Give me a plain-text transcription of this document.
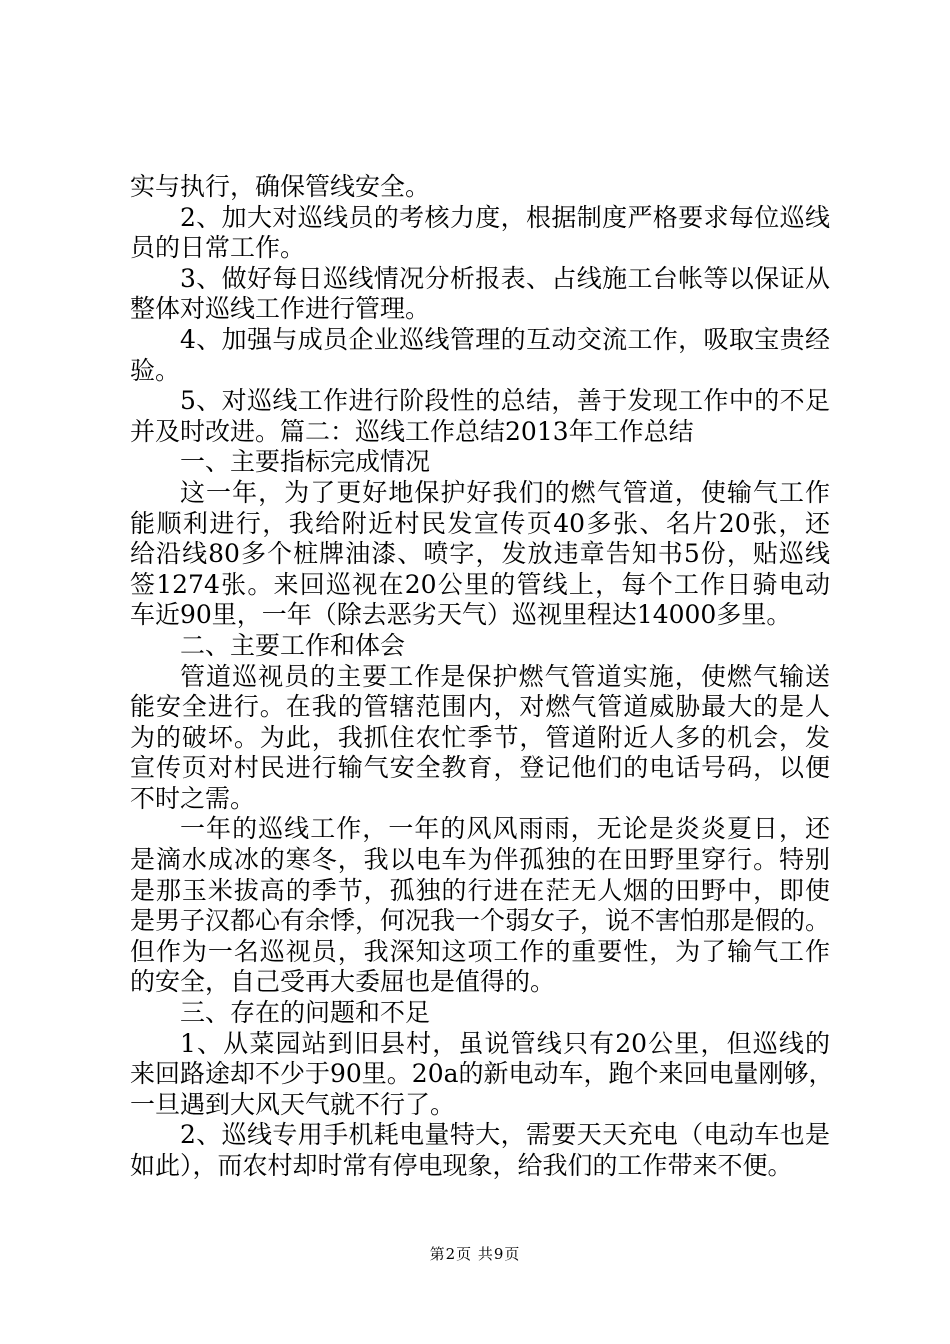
实与执行，确保管线安全。
2、加大对巡线员的考核力度，根据制度严格要求每位巡线
员的日常工作。
3、做好每日巡线情况分析报表、占线施工台帐等以保证从
整体对巡线工作进行管理。
4、加强与成员企业巡线管理的互动交流工作，吸取宝贵经
验。
5、对巡线工作进行阶段性的总结，善于发现工作中的不足
并及时改进。篇二：巡线工作总结2013年工作总结
一、主要指标完成情况
这一年，为了更好地保护好我们的燃气管道，使输气工作
能顺利进行，我给附近村民发宣传页40多张、名片20张，还
给沿线80多个桩牌油漆、喷字，发放违章告知书5份，贴巡线
签1274张。来回巡视在20公里的管线上，每个工作日骑电动
车近90里，一年（除去恶劣天气）巡视里程达14000多里。
二、主要工作和体会
管道巡视员的主要工作是保护燃气管道实施，使燃气输送
能安全进行。在我的管辖范围内，对燃气管道威胁最大的是人
为的破坏。为此，我抓住农忙季节，管道附近人多的机会，发
宣传页对村民进行输气安全教育，登记他们的电话号码，以便
不时之需。
一年的巡线工作，一年的风风雨雨，无论是炎炎夏日，还
是滴水成冰的寒冬，我以电车为伴孤独的在田野里穿行。特别
是那玉米拔高的季节，孤独的行进在茫无人烟的田野中，即使
是男子汉都心有余悸，何况我一个弱女子，说不害怕那是假的。
但作为一名巡视员，我深知这项工作的重要性，为了输气工作
的安全，自己受再大委屈也是值得的。
三、存在的问题和不足
1、从菜园站到旧县村，虽说管线只有20公里，但巡线的
来回路途却不少于90里。20a的新电动车，跑个来回电量刚够，
一旦遇到大风天气就不行了。
2、巡线专用手机耗电量特大，需要天天充电（电动车也是
如此），而农村却时常有停电现象，给我们的工作带来不便。
第2页 共9页
